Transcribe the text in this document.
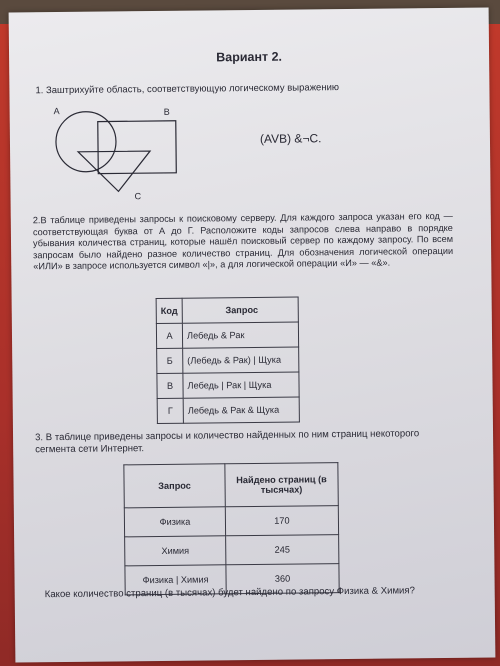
Вариант 2.
1. Заштрихуйте область, соответствующую логическому выражению
A	B
C
(AVB) &¬C.
2.В таблице приведены запросы к поисковому серверу. Для каждого запроса указан его код — соответствующая буква от А до Г. Расположите коды запросов слева направо в порядке убывания количества страниц, которые нашёл поисковый сервер по каждому запросу. По всем запросам было найдено разное количество страниц. Для обозначения логической операции «ИЛИ» в запросе используется символ «|», а для логической операции «И» — «&».
Код	Запрос
А	Лебедь & Рак
Б	(Лебедь & Рак) | Щука
В	Лебедь | Рак | Щука
Г	Лебедь & Рак & Щука
3. В таблице приведены запросы и количество найденных по ним страниц некоторого сегмента сети Интернет.
Запрос	Найдено страниц (в тысячах)
Физика	170
Химия	245
Физика | Химия	360
Какое количество страниц (в тысячах) будет найдено по запросу Физика & Химия?
